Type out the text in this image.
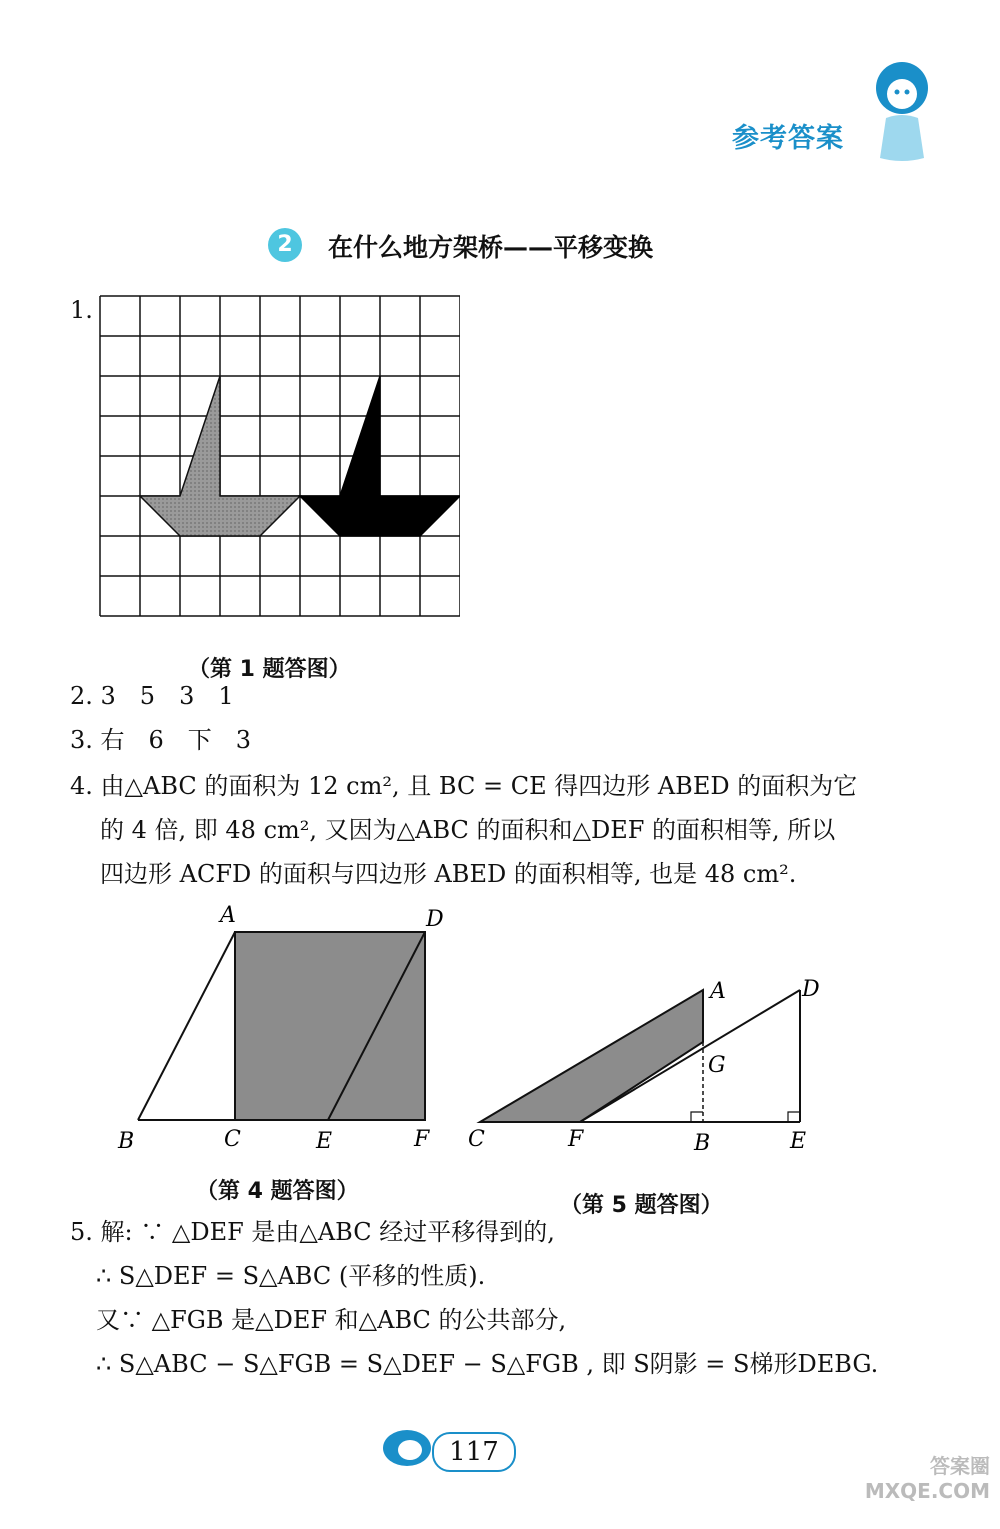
参考答案
2	在什么地方架桥——平移变换
1.
（第 1 题答图）
2. 3　5　3　1
3. 右　6　下　3
4. 由△ABC 的面积为 12 cm², 且 BC = CE 得四边形 ABED 的面积为它
的 4 倍, 即 48 cm², 又因为△ABC 的面积和△DEF 的面积相等, 所以
四边形 ACFD 的面积与四边形 ABED 的面积相等, 也是 48 cm².
A	D
B	C	E	F
（第 4 题答图）
A	D
G
C	F	B	E
（第 5 题答图）
5. 解: ∵ △DEF 是由△ABC 经过平移得到的,
∴ S△DEF = S△ABC (平移的性质).
又∵ △FGB 是△DEF 和△ABC 的公共部分,
∴ S△ABC − S△FGB = S△DEF − S△FGB , 即 S阴影 = S梯形DEBG.
117	答案圈 MXQE.COM
